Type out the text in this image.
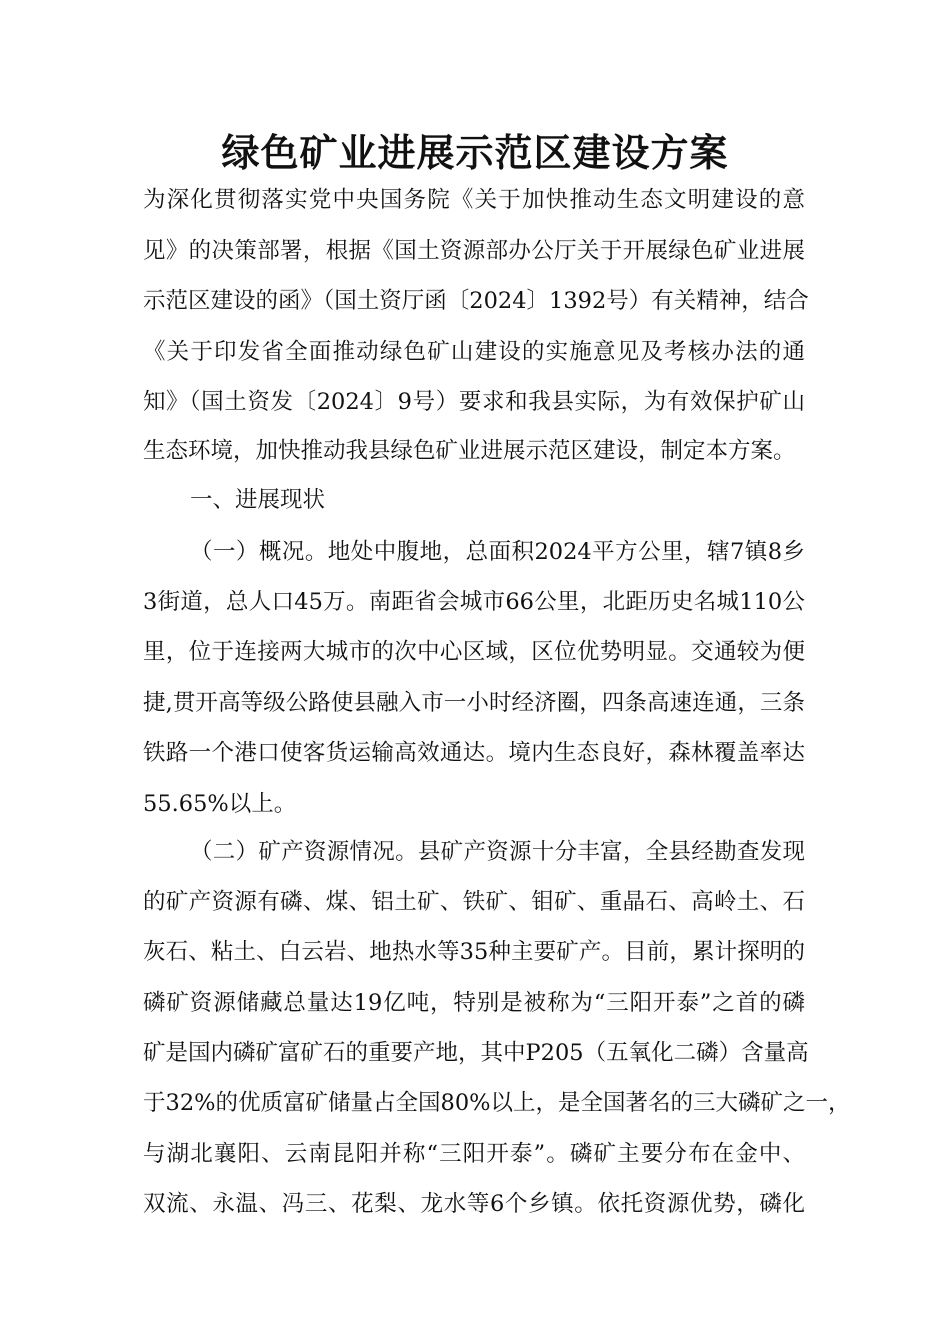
绿色矿业进展示范区建设方案

为深化贯彻落实党中央国务院《关于加快推动生态文明建设的意

见》的决策部署，根据《国土资源部办公厅关于开展绿色矿业进展

示范区建设的函》（国土资厅函〔2024〕1392号）有关精神，结合

《关于印发省全面推动绿色矿山建设的实施意见及考核办法的通

知》（国土资发〔2024〕9号）要求和我县实际，为有效保护矿山

生态环境，加快推动我县绿色矿业进展示范区建设，制定本方案。

一、进展现状

（一）概况。地处中腹地，总面积2024平方公里，辖7镇8乡

3街道，总人口45万。南距省会城市66公里，北距历史名城110公

里，位于连接两大城市的次中心区域，区位优势明显。交通较为便

捷,贯开高等级公路使县融入市一小时经济圈，四条高速连通，三条

铁路一个港口使客货运输高效通达。境内生态良好，森林覆盖率达

55.65%以上。

（二）矿产资源情况。县矿产资源十分丰富，全县经勘查发现

的矿产资源有磷、煤、铝土矿、铁矿、钼矿、重晶石、高岭土、石

灰石、粘土、白云岩、地热水等35种主要矿产。目前，累计探明的

磷矿资源储藏总量达19亿吨，特别是被称为“三阳开泰”之首的磷

矿是国内磷矿富矿石的重要产地，其中P205（五氧化二磷）含量高

于32%的优质富矿储量占全国80%以上，是全国著名的三大磷矿之一，

与湖北襄阳、云南昆阳并称“三阳开泰”。磷矿主要分布在金中、

双流、永温、冯三、花梨、龙水等6个乡镇。依托资源优势，磷化
